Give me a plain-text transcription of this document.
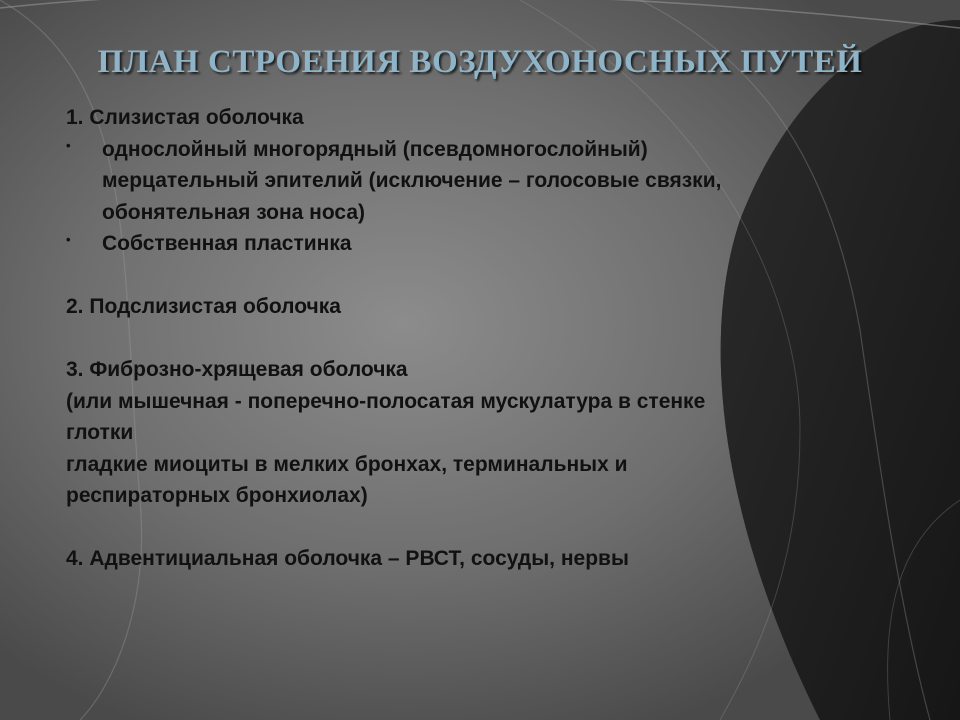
ПЛАН СТРОЕНИЯ ВОЗДУХОНОСНЫХ ПУТЕЙ

1. Слизистая оболочка

• однослойный многорядный (псевдомногослойный)

мерцательный эпителий (исключение – голосовые связки,

обонятельная зона носа)

• Собственная пластинка

2. Подслизистая оболочка

3. Фиброзно-хрящевая оболочка

(или мышечная - поперечно-полосатая мускулатура в стенке

глотки

гладкие миоциты в мелких бронхах, терминальных и

респираторных бронхиолах)

4. Адвентициальная оболочка – РВСТ, сосуды, нервы
